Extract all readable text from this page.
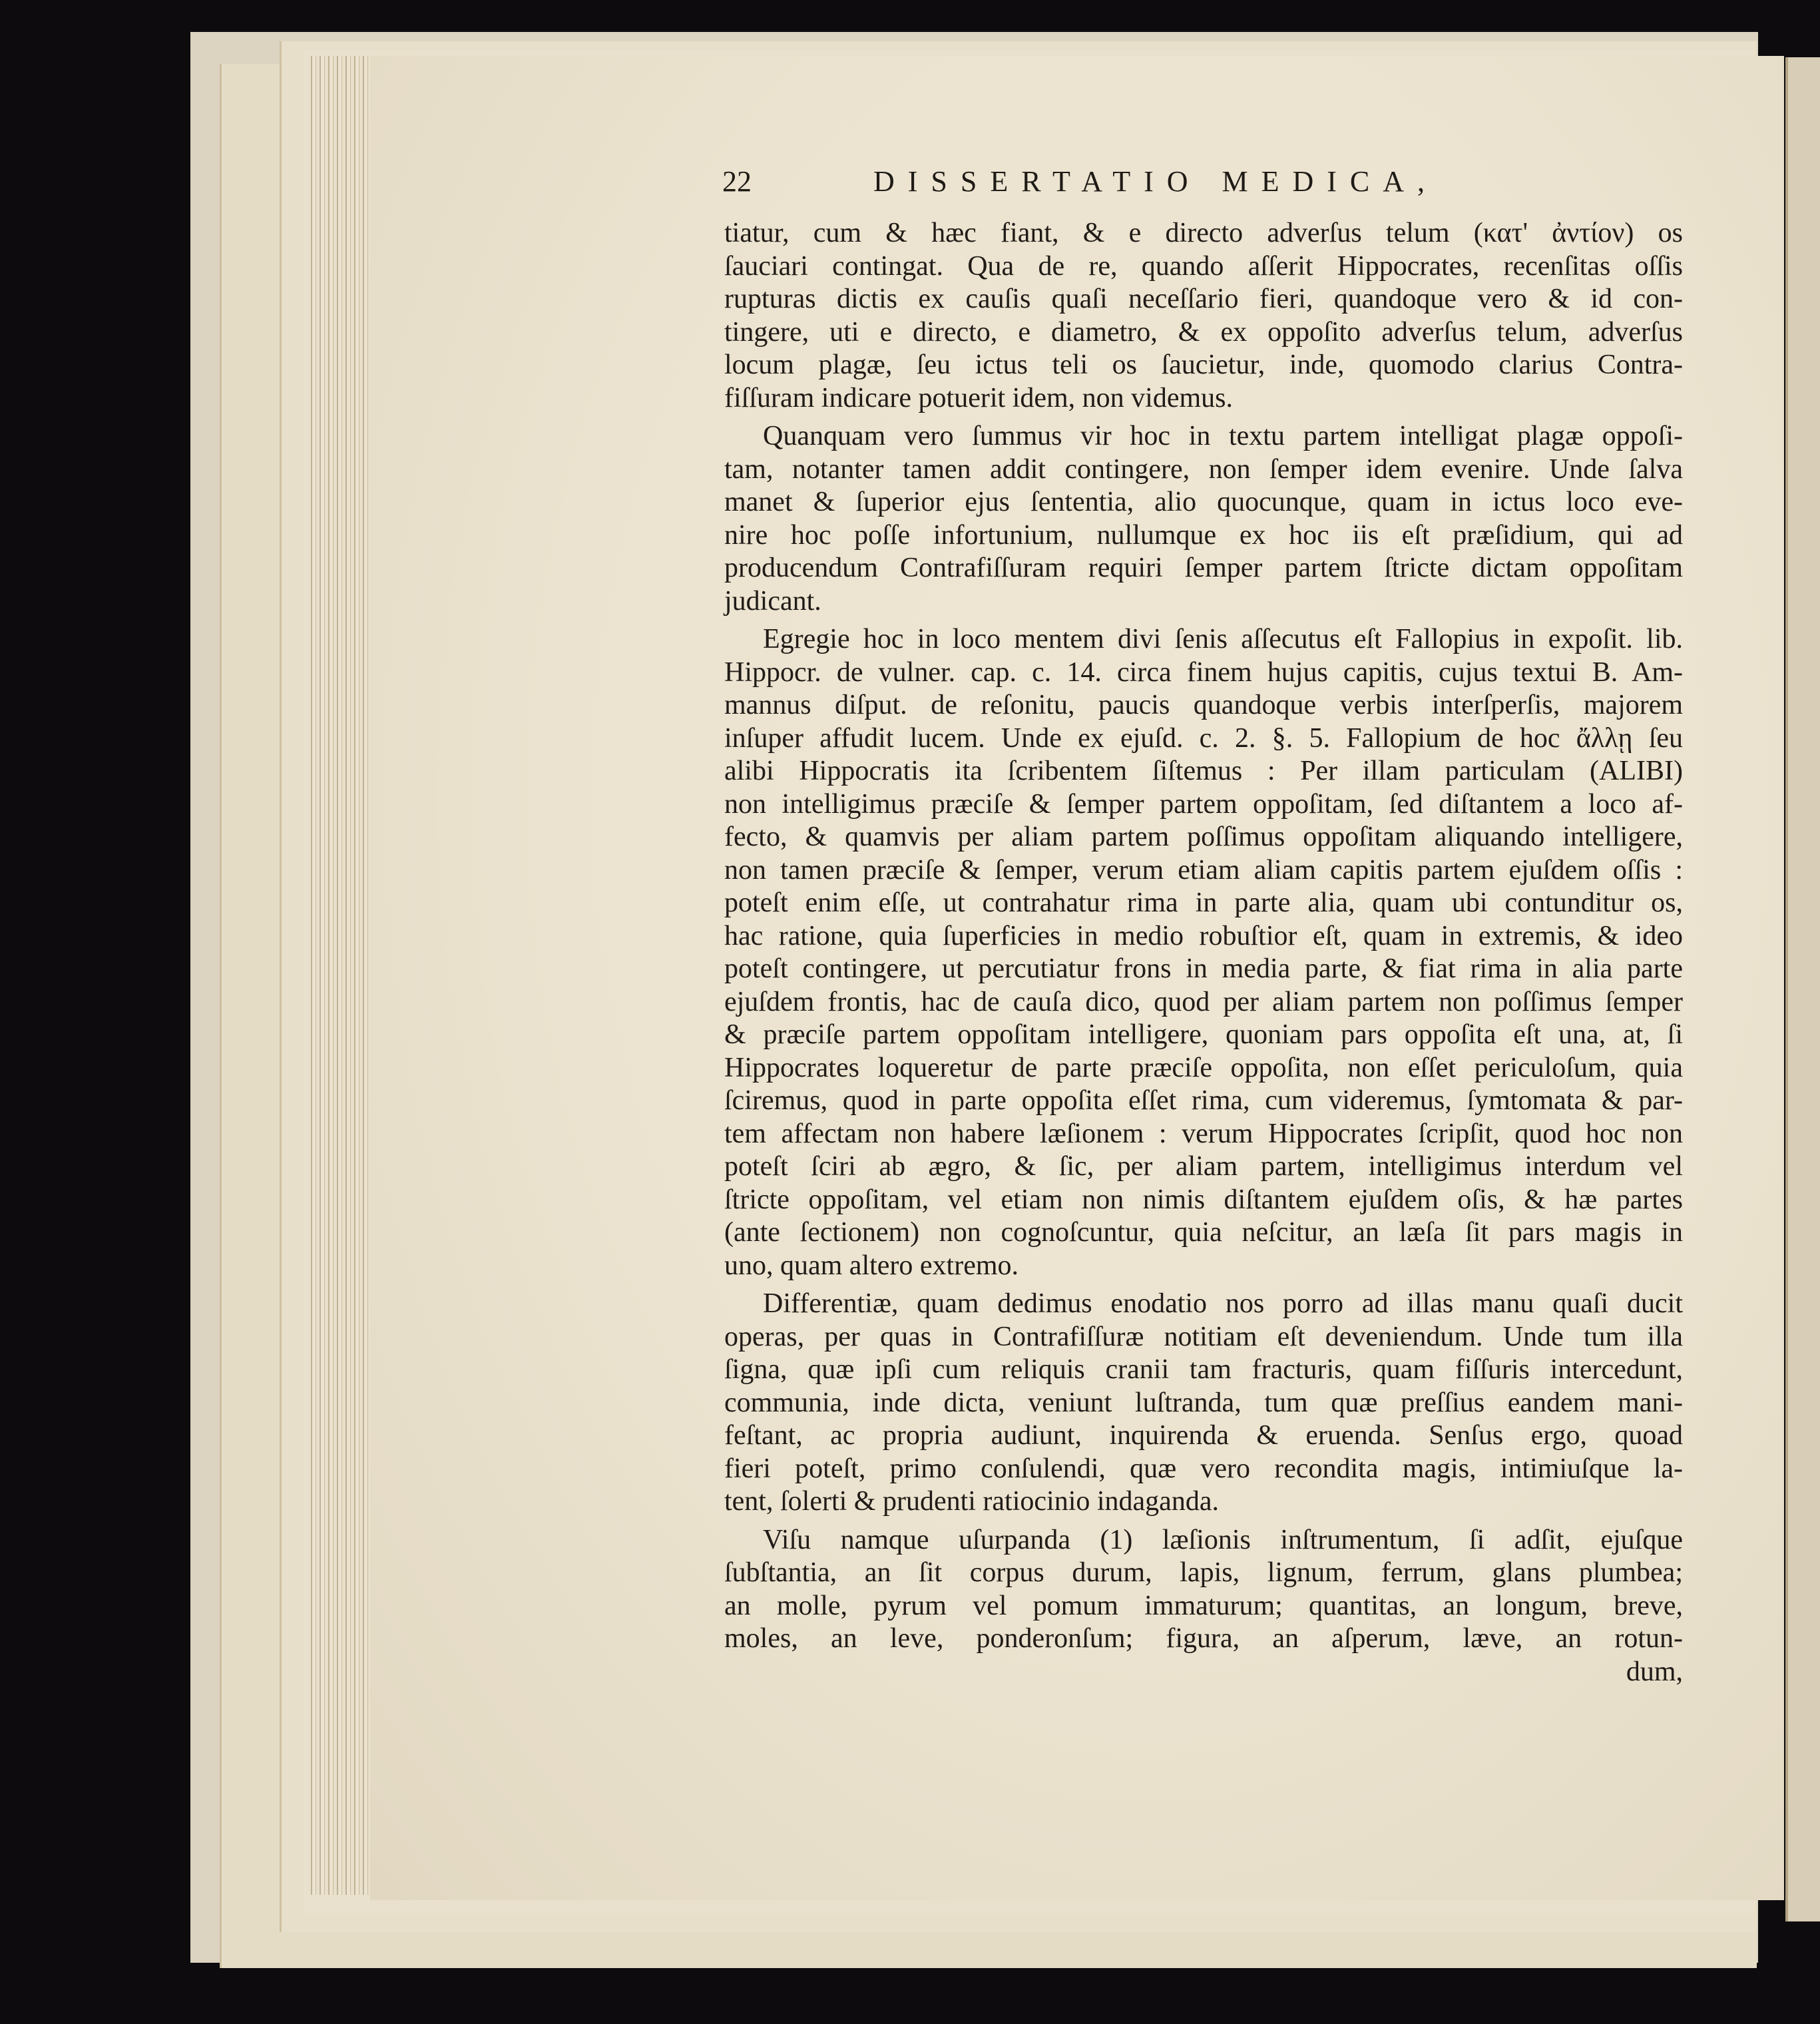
22	DISSERTATIO MEDICA,
tiatur, cum & hæc fiant, & e directo adverſus telum (κατ' ἀντίον) os
ſauciari contingat. Qua de re, quando aſſerit Hippocrates, recenſitas oſſis
rupturas dictis ex cauſis quaſi neceſſario fieri, quandoque vero & id con-
tingere, uti e directo, e diametro, & ex oppoſito adverſus telum, adverſus
locum plagæ, ſeu ictus teli os ſaucietur, inde, quomodo clarius Contra-
fiſſuram indicare potuerit idem, non videmus.
Quanquam vero ſummus vir hoc in textu partem intelligat plagæ oppoſi-
tam, notanter tamen addit contingere, non ſemper idem evenire. Unde ſalva
manet & ſuperior ejus ſententia, alio quocunque, quam in ictus loco eve-
nire hoc poſſe infortunium, nullumque ex hoc iis eſt præſidium, qui ad
producendum Contrafiſſuram requiri ſemper partem ſtricte dictam oppoſitam
judicant.
Egregie hoc in loco mentem divi ſenis aſſecutus eſt Fallopius in expoſit. lib.
Hippocr. de vulner. cap. c. 14. circa finem hujus capitis, cujus textui B. Am-
mannus diſput. de reſonitu, paucis quandoque verbis interſperſis, majorem
inſuper affudit lucem. Unde ex ejuſd. c. 2. §. 5. Fallopium de hoc ἄλλῃ ſeu
alibi Hippocratis ita ſcribentem ſiſtemus : Per illam particulam (ALIBI)
non intelligimus præciſe & ſemper partem oppoſitam, ſed diſtantem a loco af-
fecto, & quamvis per aliam partem poſſimus oppoſitam aliquando intelligere,
non tamen præciſe & ſemper, verum etiam aliam capitis partem ejuſdem oſſis :
poteſt enim eſſe, ut contrahatur rima in parte alia, quam ubi contunditur os,
hac ratione, quia ſuperficies in medio robuſtior eſt, quam in extremis, & ideo
poteſt contingere, ut percutiatur frons in media parte, & fiat rima in alia parte
ejuſdem frontis, hac de cauſa dico, quod per aliam partem non poſſimus ſemper
& præciſe partem oppoſitam intelligere, quoniam pars oppoſita eſt una, at, ſi
Hippocrates loqueretur de parte præciſe oppoſita, non eſſet periculoſum, quia
ſciremus, quod in parte oppoſita eſſet rima, cum videremus, ſymtomata & par-
tem affectam non habere læſionem : verum Hippocrates ſcripſit, quod hoc non
poteſt ſciri ab ægro, & ſic, per aliam partem, intelligimus interdum vel
ſtricte oppoſitam, vel etiam non nimis diſtantem ejuſdem oſis, & hæ partes
(ante ſectionem) non cognoſcuntur, quia neſcitur, an læſa ſit pars magis in
uno, quam altero extremo.
Differentiæ, quam dedimus enodatio nos porro ad illas manu quaſi ducit
operas, per quas in Contrafiſſuræ notitiam eſt deveniendum. Unde tum illa
ſigna, quæ ipſi cum reliquis cranii tam fracturis, quam fiſſuris intercedunt,
communia, inde dicta, veniunt luſtranda, tum quæ preſſius eandem mani-
feſtant, ac propria audiunt, inquirenda & eruenda. Senſus ergo, quoad
fieri poteſt, primo conſulendi, quæ vero recondita magis, intimiuſque la-
tent, ſolerti & prudenti ratiocinio indaganda.
Viſu namque uſurpanda (1) læſionis inſtrumentum, ſi adſit, ejuſque
ſubſtantia, an ſit corpus durum, lapis, lignum, ferrum, glans plumbea;
an molle, pyrum vel pomum immaturum; quantitas, an longum, breve,
moles, an leve, ponderonſum; figura, an aſperum, læve, an rotun-
dum,
